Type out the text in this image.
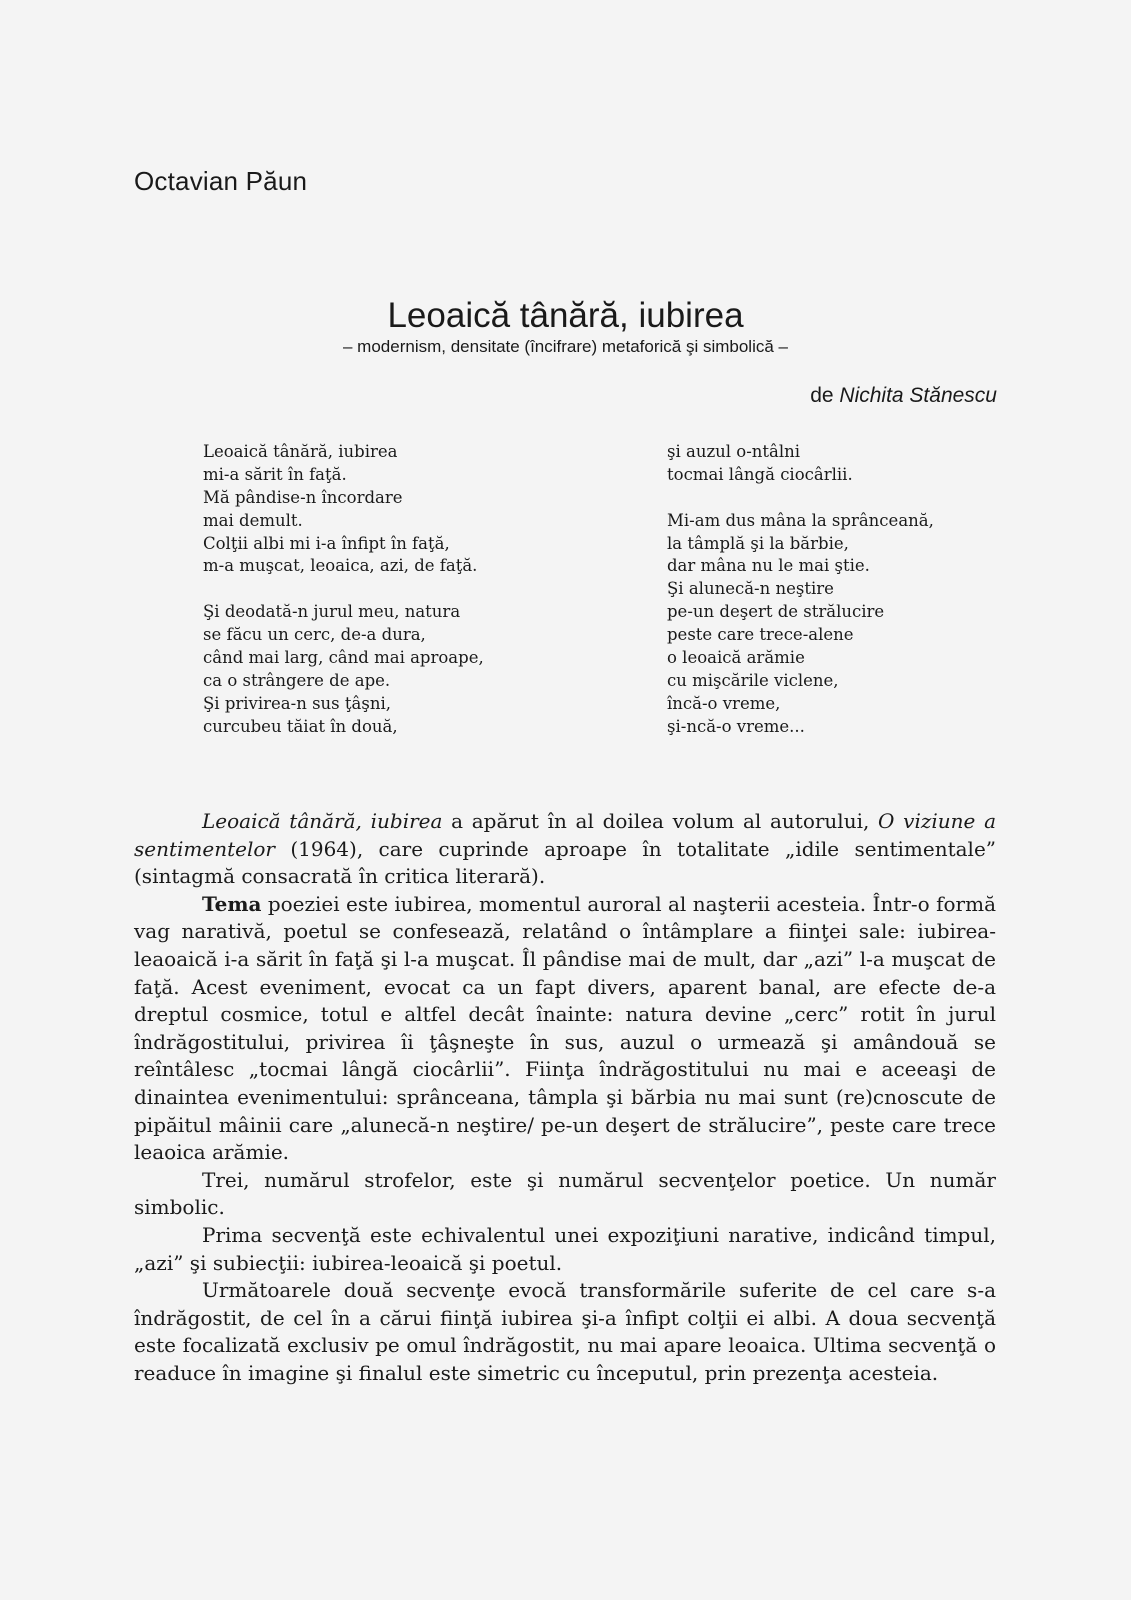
Octavian Păun
Leoaică tânără, iubirea
– modernism, densitate (încifrare) metaforică şi simbolică –
de Nichita Stănescu
Leoaică tânără, iubirea
mi-a sărit în faţă.
Mă pândise-n încordare
mai demult.
Colţii albi mi i-a înfipt în faţă,
m-a muşcat, leoaica, azi, de faţă.
Şi deodată-n jurul meu, natura
se făcu un cerc, de-a dura,
când mai larg, când mai aproape,
ca o strângere de ape.
Şi privirea-n sus ţâşni,
curcubeu tăiat în două,
şi auzul o-ntâlni
tocmai lângă ciocârlii.
Mi-am dus mâna la sprânceană,
la tâmplă şi la bărbie,
dar mâna nu le mai ştie.
Şi alunecă-n neştire
pe-un deşert de strălucire
peste care trece-alene
o leoaică arămie
cu mişcările viclene,
încă-o vreme,
şi-ncă-o vreme...

Leoaică tânără, iubirea a apărut în al doilea volum al autorului, O viziune a sentimentelor (1964), care cuprinde aproape în totalitate „idile sentimentale” (sintagmă consacrată în critica literară).

Tema poeziei este iubirea, momentul auroral al naşterii acesteia. Într-o formă vag narativă, poetul se confesează, relatând o întâmplare a fiinţei sale: iubirea-leaoaică i-a sărit în faţă şi l-a muşcat. Îl pândise mai de mult, dar „azi” l-a muşcat de faţă. Acest eveniment, evocat ca un fapt divers, aparent banal, are efecte de-a dreptul cosmice, totul e altfel decât înainte: natura devine „cerc” rotit în jurul îndrăgostitului, privirea îi ţâşneşte în sus, auzul o urmează şi amândouă se reîntâlesc „tocmai lângă ciocârlii”. Fiinţa îndrăgostitului nu mai e aceeaşi de dinaintea evenimentului: sprânceana, tâmpla şi bărbia nu mai sunt (re)cnoscute de pipăitul mâinii care „alunecă-n neştire/ pe-un deşert de strălucire”, peste care trece leaoica arămie.

Trei, numărul strofelor, este şi numărul secvenţelor poetice. Un număr simbolic.

Prima secvenţă este echivalentul unei expoziţiuni narative, indicând timpul, „azi” şi subiecţii: iubirea-leoaică şi poetul.

Următoarele două secvenţe evocă transformările suferite de cel care s-a îndrăgostit, de cel în a cărui fiinţă iubirea şi-a înfipt colţii ei albi. A doua secvenţă este focalizată exclusiv pe omul îndrăgostit, nu mai apare leoaica. Ultima secvenţă o readuce în imagine şi finalul este simetric cu începutul, prin prezenţa acesteia.
